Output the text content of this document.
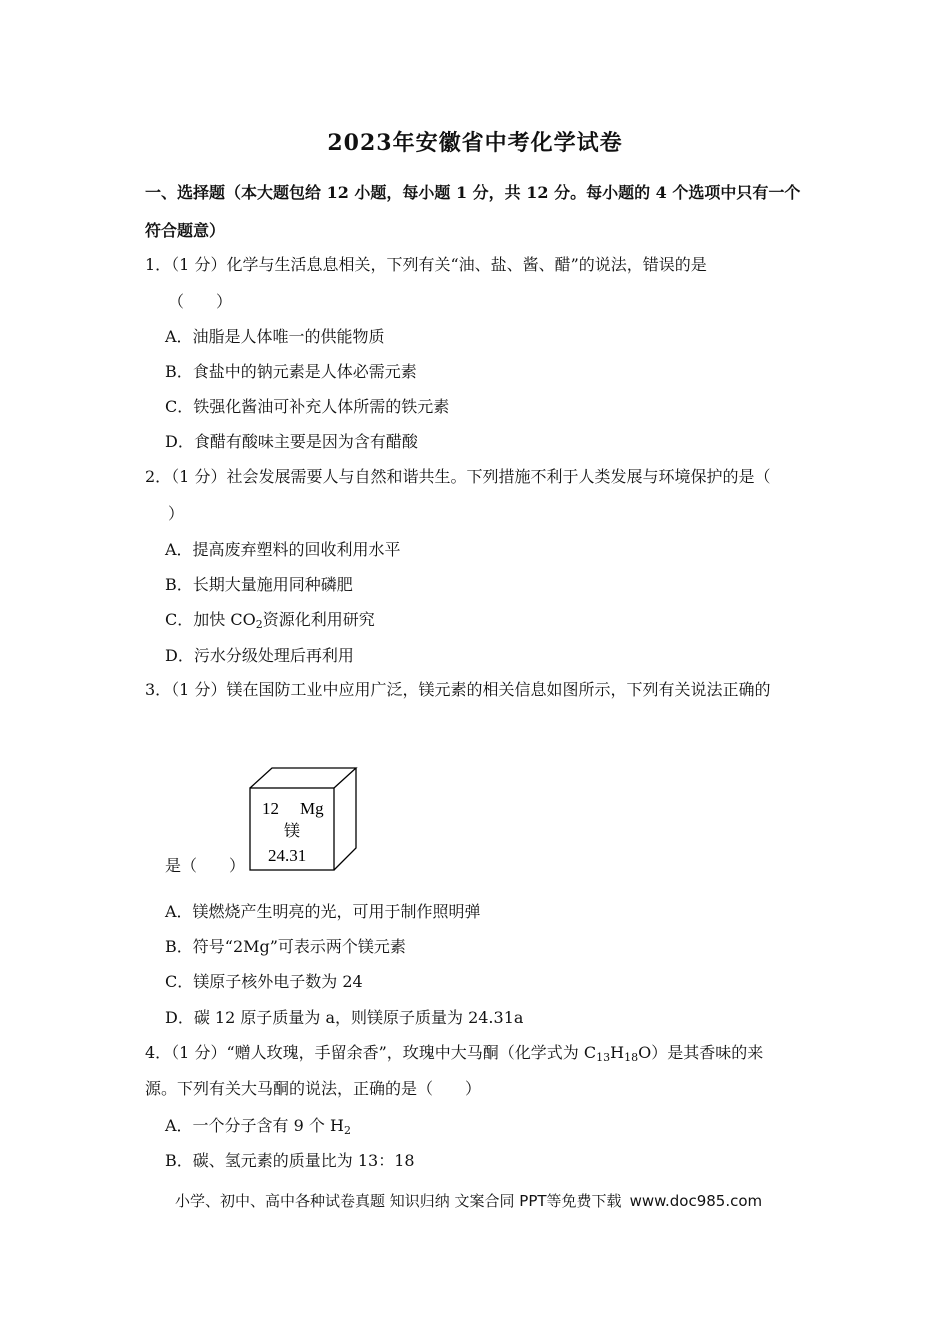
2023年安徽省中考化学试卷
一、选择题（本大题包给 12 小题，每小题 1 分，共 12 分。每小题的 4 个选项中只有一个
符合题意）
1．（1 分）化学与生活息息相关，下列有关“油、盐、酱、醋”的说法，错误的是
（　　）
A．油脂是人体唯一的供能物质
B．食盐中的钠元素是人体必需元素
C．铁强化酱油可补充人体所需的铁元素
D．食醋有酸味主要是因为含有醋酸
2．（1 分）社会发展需要人与自然和谐共生。下列措施不利于人类发展与环境保护的是（
）
A．提高废弃塑料的回收利用水平
B．长期大量施用同种磷肥
C．加快 $CO_2$资源化利用研究
D．污水分级处理后再利用
3．（1 分）镁在国防工业中应用广泛，镁元素的相关信息如图所示，下列有关说法正确的
12 Mg
镁
24.31
是（　　）
A．镁燃烧产生明亮的光，可用于制作照明弹
B．符号“2Mg”可表示两个镁元素
C．镁原子核外电子数为 24
D．碳 12 原子质量为 a，则镁原子质量为 24.31a
4．（1 分）“赠人玫瑰，手留余香”，玫瑰中大马酮（化学式为 $C_{13}H_{18}O$）是其香味的来
源。下列有关大马酮的说法，正确的是（　　）
A．一个分子含有 9 个 $H_2$
B．碳、氢元素的质量比为 13：18
小学、初中、高中各种试卷真题 知识归纳 文案合同 PPT等免费下载 www.doc985.com
